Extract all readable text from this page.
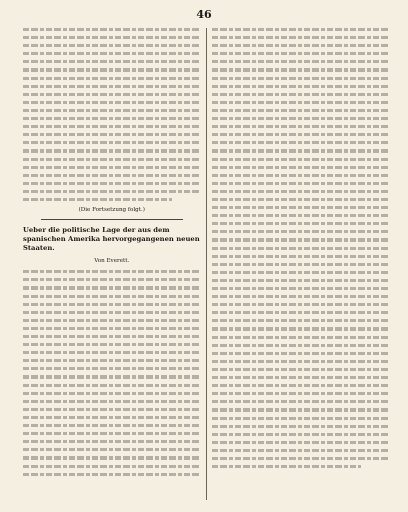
46
(Die Fortsetzung folgt.)
Ueber die politische Lage der aus dem spanischen Amerika hervorgegangenen neuen Staaten.
Von Everett.
